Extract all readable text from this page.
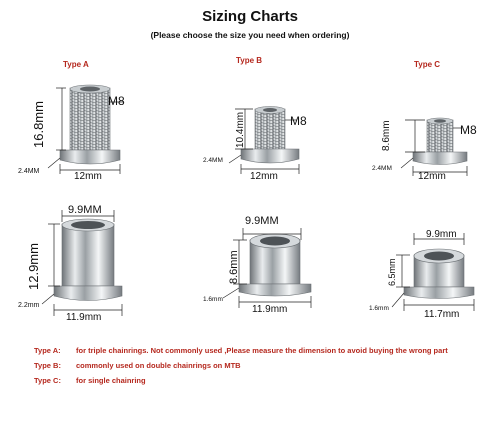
Sizing Charts
(Please choose the size you need when ordering)
Type A	Type B	Type C
16.8mm
M8
2.4MM	12mm
10.4mm	M8
2.4MM
12mm
8.6mm	M8
2.4MM
12mm
9.9MM
12.9mm
2.2mm
11.9mm
9.9MM
8.6mm
1.6mm
11.9mm
9.9mm
6.5mm
1.6mm
11.7mm
Type A: for triple chainrings. Not commonly used ,Please measure the dimension to avoid buying the wrong part
Type B: commonly used on double chainrings on MTB
Type C: for single chainring
